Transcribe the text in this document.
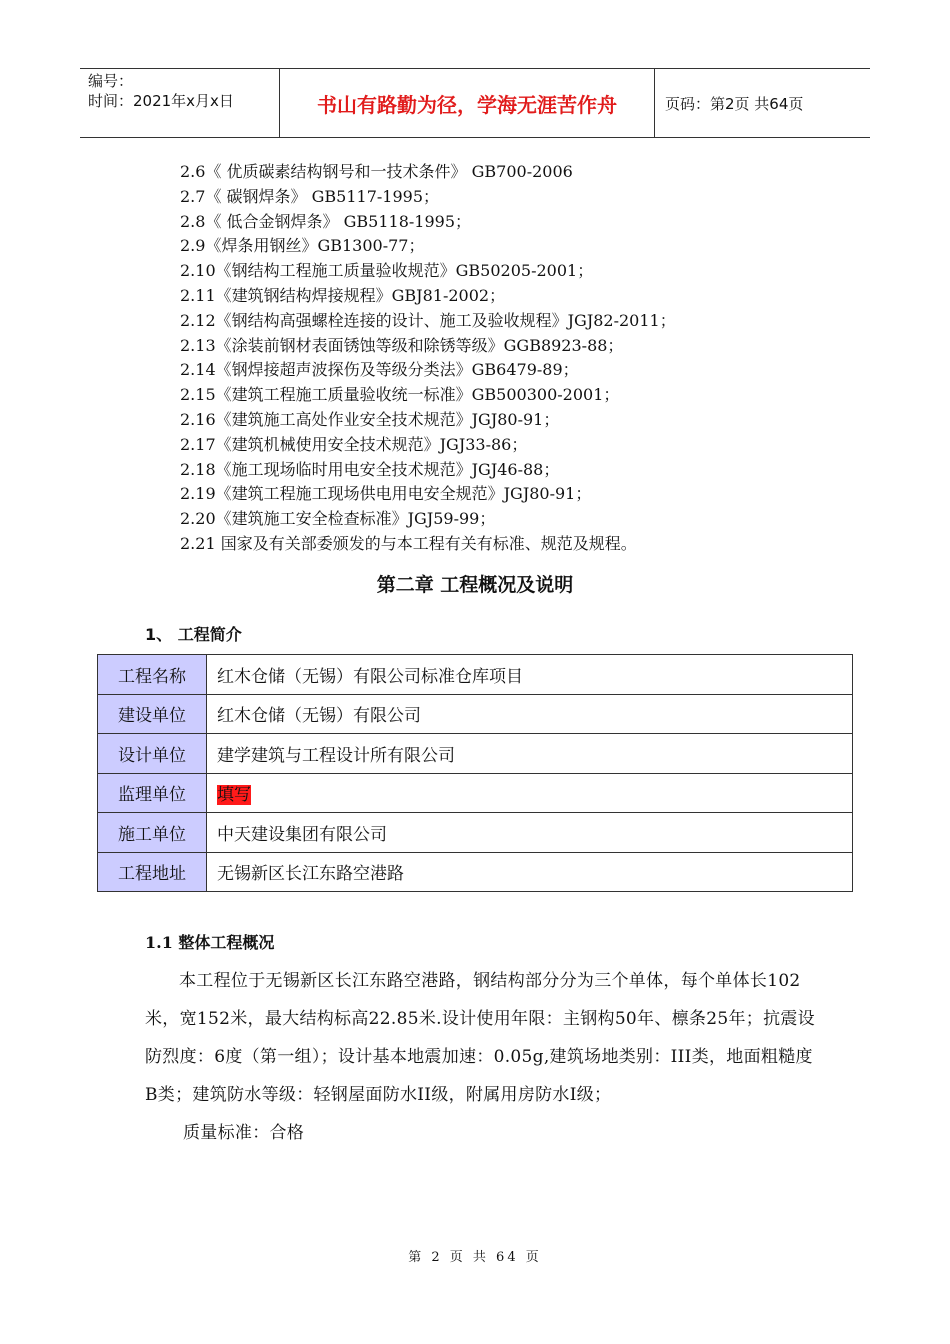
编号：
时间：2021年x月x日	书山有路勤为径，学海无涯苦作舟	页码：第2页 共64页
2.6《 优质碳素结构钢号和一技术条件》 GB700-2006
2.7《 碳钢焊条》 GB5117-1995；
2.8《 低合金钢焊条》 GB5118-1995；
2.9《焊条用钢丝》GB1300-77；
2.10《钢结构工程施工质量验收规范》GB50205-2001；
2.11《建筑钢结构焊接规程》GBJ81-2002；
2.12《钢结构高强螺栓连接的设计、施工及验收规程》JGJ82-2011；
2.13《涂装前钢材表面锈蚀等级和除锈等级》GGB8923-88；
2.14《钢焊接超声波探伤及等级分类法》GB6479-89；
2.15《建筑工程施工质量验收统一标准》GB500300-2001；
2.16《建筑施工高处作业安全技术规范》JGJ80-91；
2.17《建筑机械使用安全技术规范》JGJ33-86；
2.18《施工现场临时用电安全技术规范》JGJ46-88；
2.19《建筑工程施工现场供电用电安全规范》JGJ80-91；
2.20《建筑施工安全检查标准》JGJ59-99；
2.21 国家及有关部委颁发的与本工程有关有标准、规范及规程。
第二章 工程概况及说明
1、 工程简介
工程名称	红木仓储（无锡）有限公司标准仓库项目
建设单位	红木仓储（无锡）有限公司
设计单位	建学建筑与工程设计所有限公司
监理单位	填写
施工单位	中天建设集团有限公司
工程地址	无锡新区长江东路空港路
1.1 整体工程概况

本工程位于无锡新区长江东路空港路，钢结构部分分为三个单体，每个单体长102米，宽152米，最大结构标高22.85米.设计使用年限：主钢构50年、檩条25年；抗震设防烈度：6度（第一组）；设计基本地震加速：0.05g,建筑场地类别：III类，地面粗糙度B类；建筑防水等级：轻钢屋面防水II级，附属用房防水I级；

质量标准：合格

第 2 页 共 64 页
